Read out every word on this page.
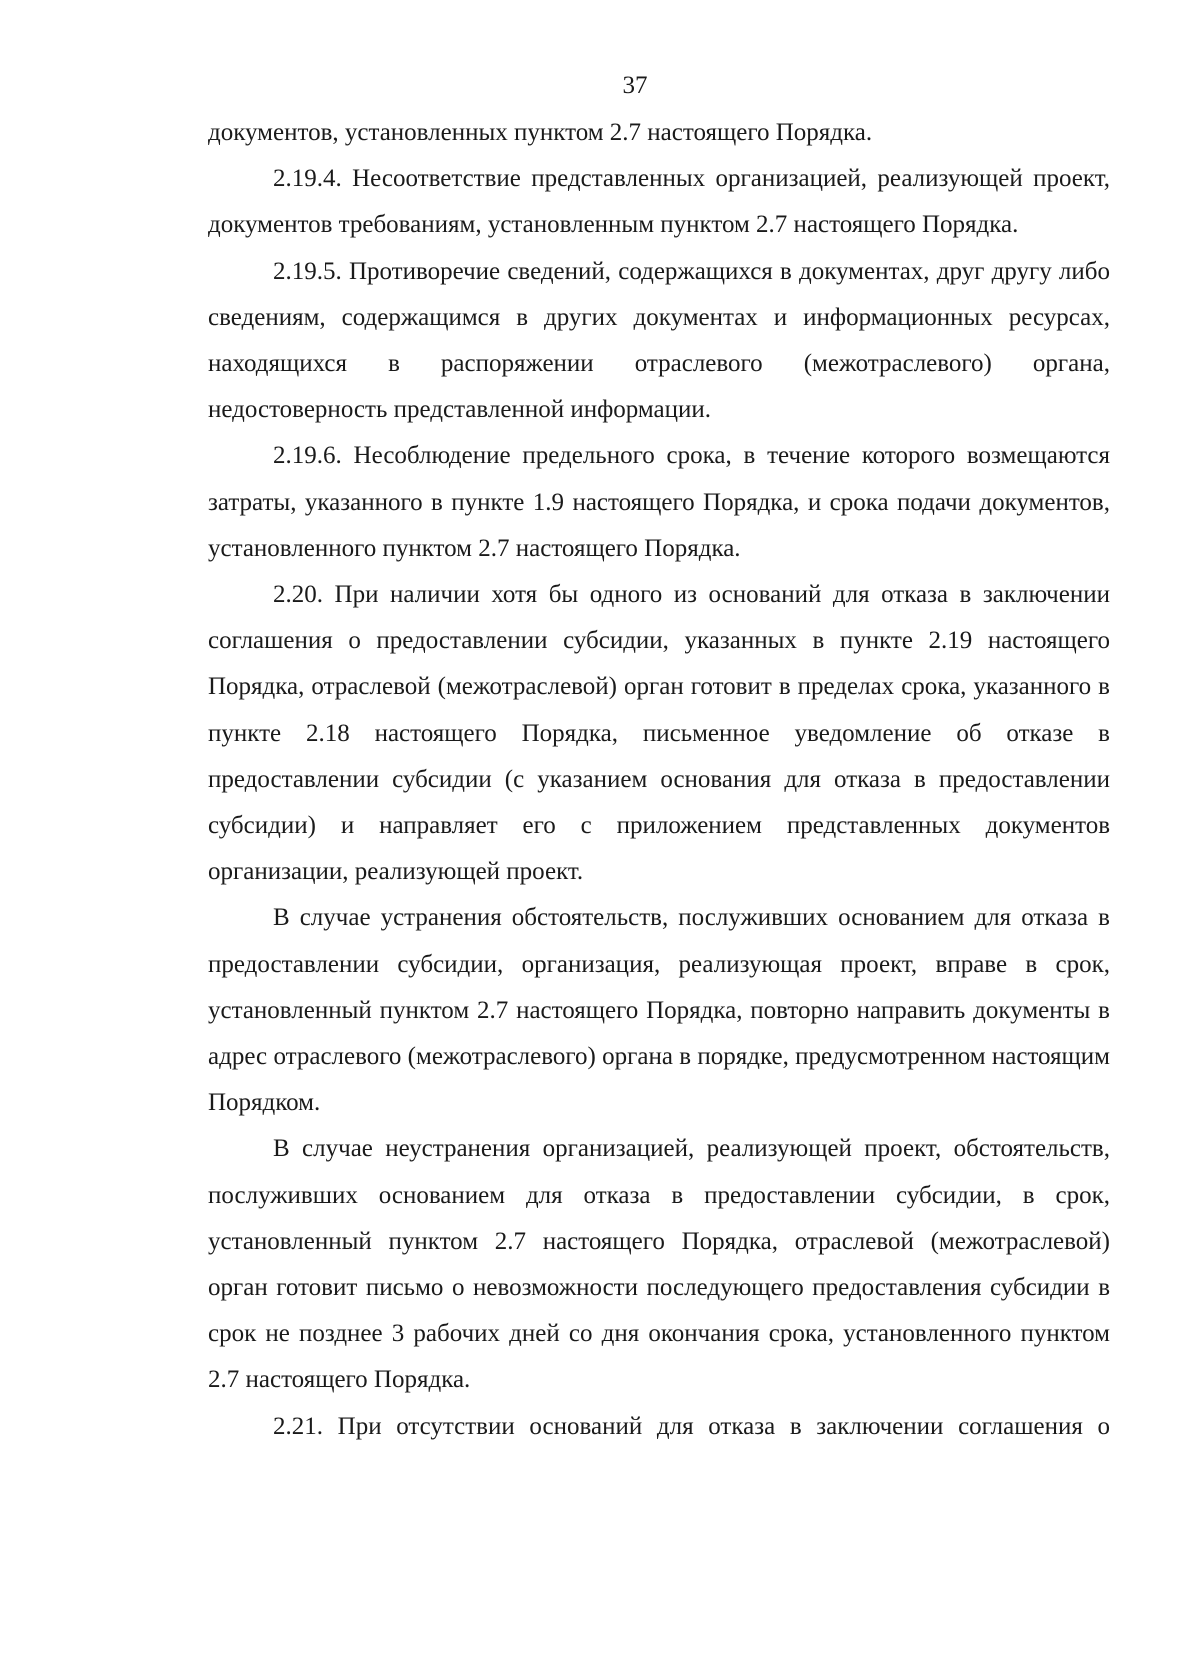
37

документов, установленных пунктом 2.7 настоящего Порядка.

2.19.4. Несоответствие представленных организацией, реализующей проект, документов требованиям, установленным пунктом 2.7 настоящего Порядка.

2.19.5. Противоречие сведений, содержащихся в документах, друг другу либо сведениям, содержащимся в других документах и информационных ресурсах, находящихся в распоряжении отраслевого (межотраслевого) органа, недостоверность представленной информации.

2.19.6. Несоблюдение предельного срока, в течение которого возмещаются затраты, указанного в пункте 1.9 настоящего Порядка, и срока подачи документов, установленного пунктом 2.7 настоящего Порядка.

2.20. При наличии хотя бы одного из оснований для отказа в заключении соглашения о предоставлении субсидии, указанных в пункте 2.19 настоящего Порядка, отраслевой (межотраслевой) орган готовит в пределах срока, указанного в пункте 2.18 настоящего Порядка, письменное уведомление об отказе в предоставлении субсидии (с указанием основания для отказа в предоставлении субсидии) и направляет его с приложением представленных документов организации, реализующей проект.

В случае устранения обстоятельств, послуживших основанием для отказа в предоставлении субсидии, организация, реализующая проект, вправе в срок, установленный пунктом 2.7 настоящего Порядка, повторно направить документы в адрес отраслевого (межотраслевого) органа в порядке, предусмотренном настоящим Порядком.

В случае неустранения организацией, реализующей проект, обстоятельств, послуживших основанием для отказа в предоставлении субсидии, в срок, установленный пунктом 2.7 настоящего Порядка, отраслевой (межотраслевой) орган готовит письмо о невозможности последующего предоставления субсидии в срок не позднее 3 рабочих дней со дня окончания срока, установленного пунктом 2.7 настоящего Порядка.

2.21. При отсутствии оснований для отказа в заключении соглашения о
